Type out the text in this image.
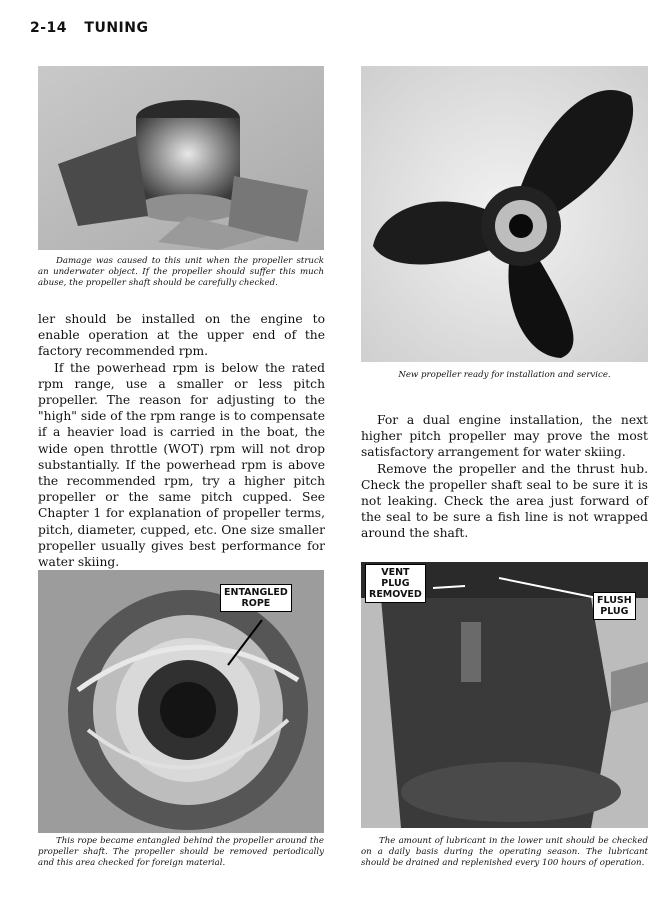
2-14 TUNING

Damage was caused to this unit when the propeller struck an underwater object. If the propeller should suffer this much abuse, the propeller shaft should be carefully checked.

ler should be installed on the engine to enable operation at the upper end of the factory recommended rpm.

If the powerhead rpm is below the rated rpm range, use a smaller or less pitch propeller. The reason for adjusting to the "high" side of the rpm range is to compensate if a heavier load is carried in the boat, the wide open throttle (WOT) rpm will not drop substantially. If the powerhead rpm is above the recommended rpm, try a higher pitch propeller or the same pitch cupped. See Chapter 1 for explanation of propeller terms, pitch, diameter, cupped, etc. One size smaller propeller usually gives best performance for water skiing.

New propeller ready for installation and service.

For a dual engine installation, the next higher pitch propeller may prove the most satisfactory arrangement for water skiing.

Remove the propeller and the thrust hub. Check the propeller shaft seal to be sure it is not leaking. Check the area just forward of the seal to be sure a fish line is not wrapped around the shaft.

ENTANGLED
ROPE

This rope became entangled behind the propeller around the propeller shaft. The propeller should be removed periodically and this area checked for foreign material.

VENT
PLUG
REMOVED
FLUSH
PLUG

The amount of lubricant in the lower unit should be checked on a daily basis during the operating season. The lubricant should be drained and replenished every 100 hours of operation.
